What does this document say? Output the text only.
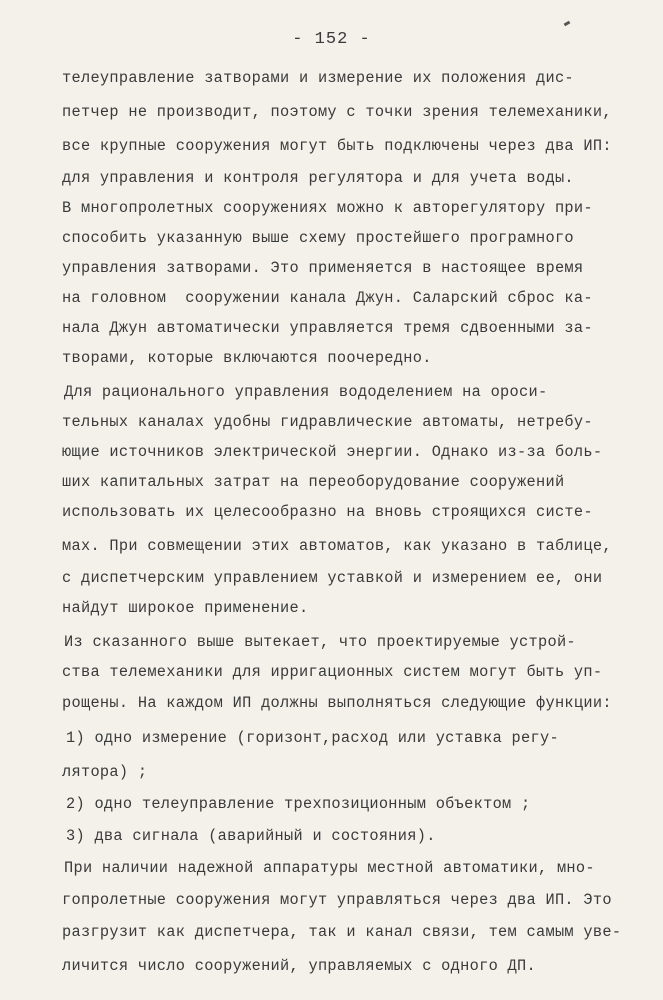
- 152 -
телеуправление затворами и измерение их положения дис-
петчер не производит, поэтому с точки зрения телемеханики,
все крупные сооружения могут быть подключены через два ИП:
для управления и контроля регулятора и для учета воды.
В многопролетных сооружениях можно к авторегулятору при-
способить указанную выше схему простейшего програмного
управления затворами. Это применяется в настоящее время
на головном  сооружении канала Джун. Саларский сброс ка-
нала Джун автоматически управляется тремя сдвоенными за-
творами, которые включаются поочередно.
Для рационального управления вододелением на ороси-
тельных каналах удобны гидравлические автоматы, нетребу-
ющие источников электрической энергии. Однако из-за боль-
ших капитальных затрат на переоборудование сооружений
использовать их целесообразно на вновь строящихся систе-
мах. При совмещении этих автоматов, как указано в таблице,
с диспетчерским управлением уставкой и измерением ее, они
найдут широкое применение.
Из сказанного выше вытекает, что проектируемые устрой-
ства телемеханики для ирригационных систем могут быть уп-
рощены. На каждом ИП должны выполняться следующие функции:
1) одно измерение (горизонт,расход или уставка регу-
лятора) ;
2) одно телеуправление трехпозиционным объектом ;
3) два сигнала (аварийный и состояния).
При наличии надежной аппаратуры местной автоматики, мно-
гопролетные сооружения могут управляться через два ИП. Это
разгрузит как диспетчера, так и канал связи, тем самым уве-
личится число сооружений, управляемых с одного ДП.
